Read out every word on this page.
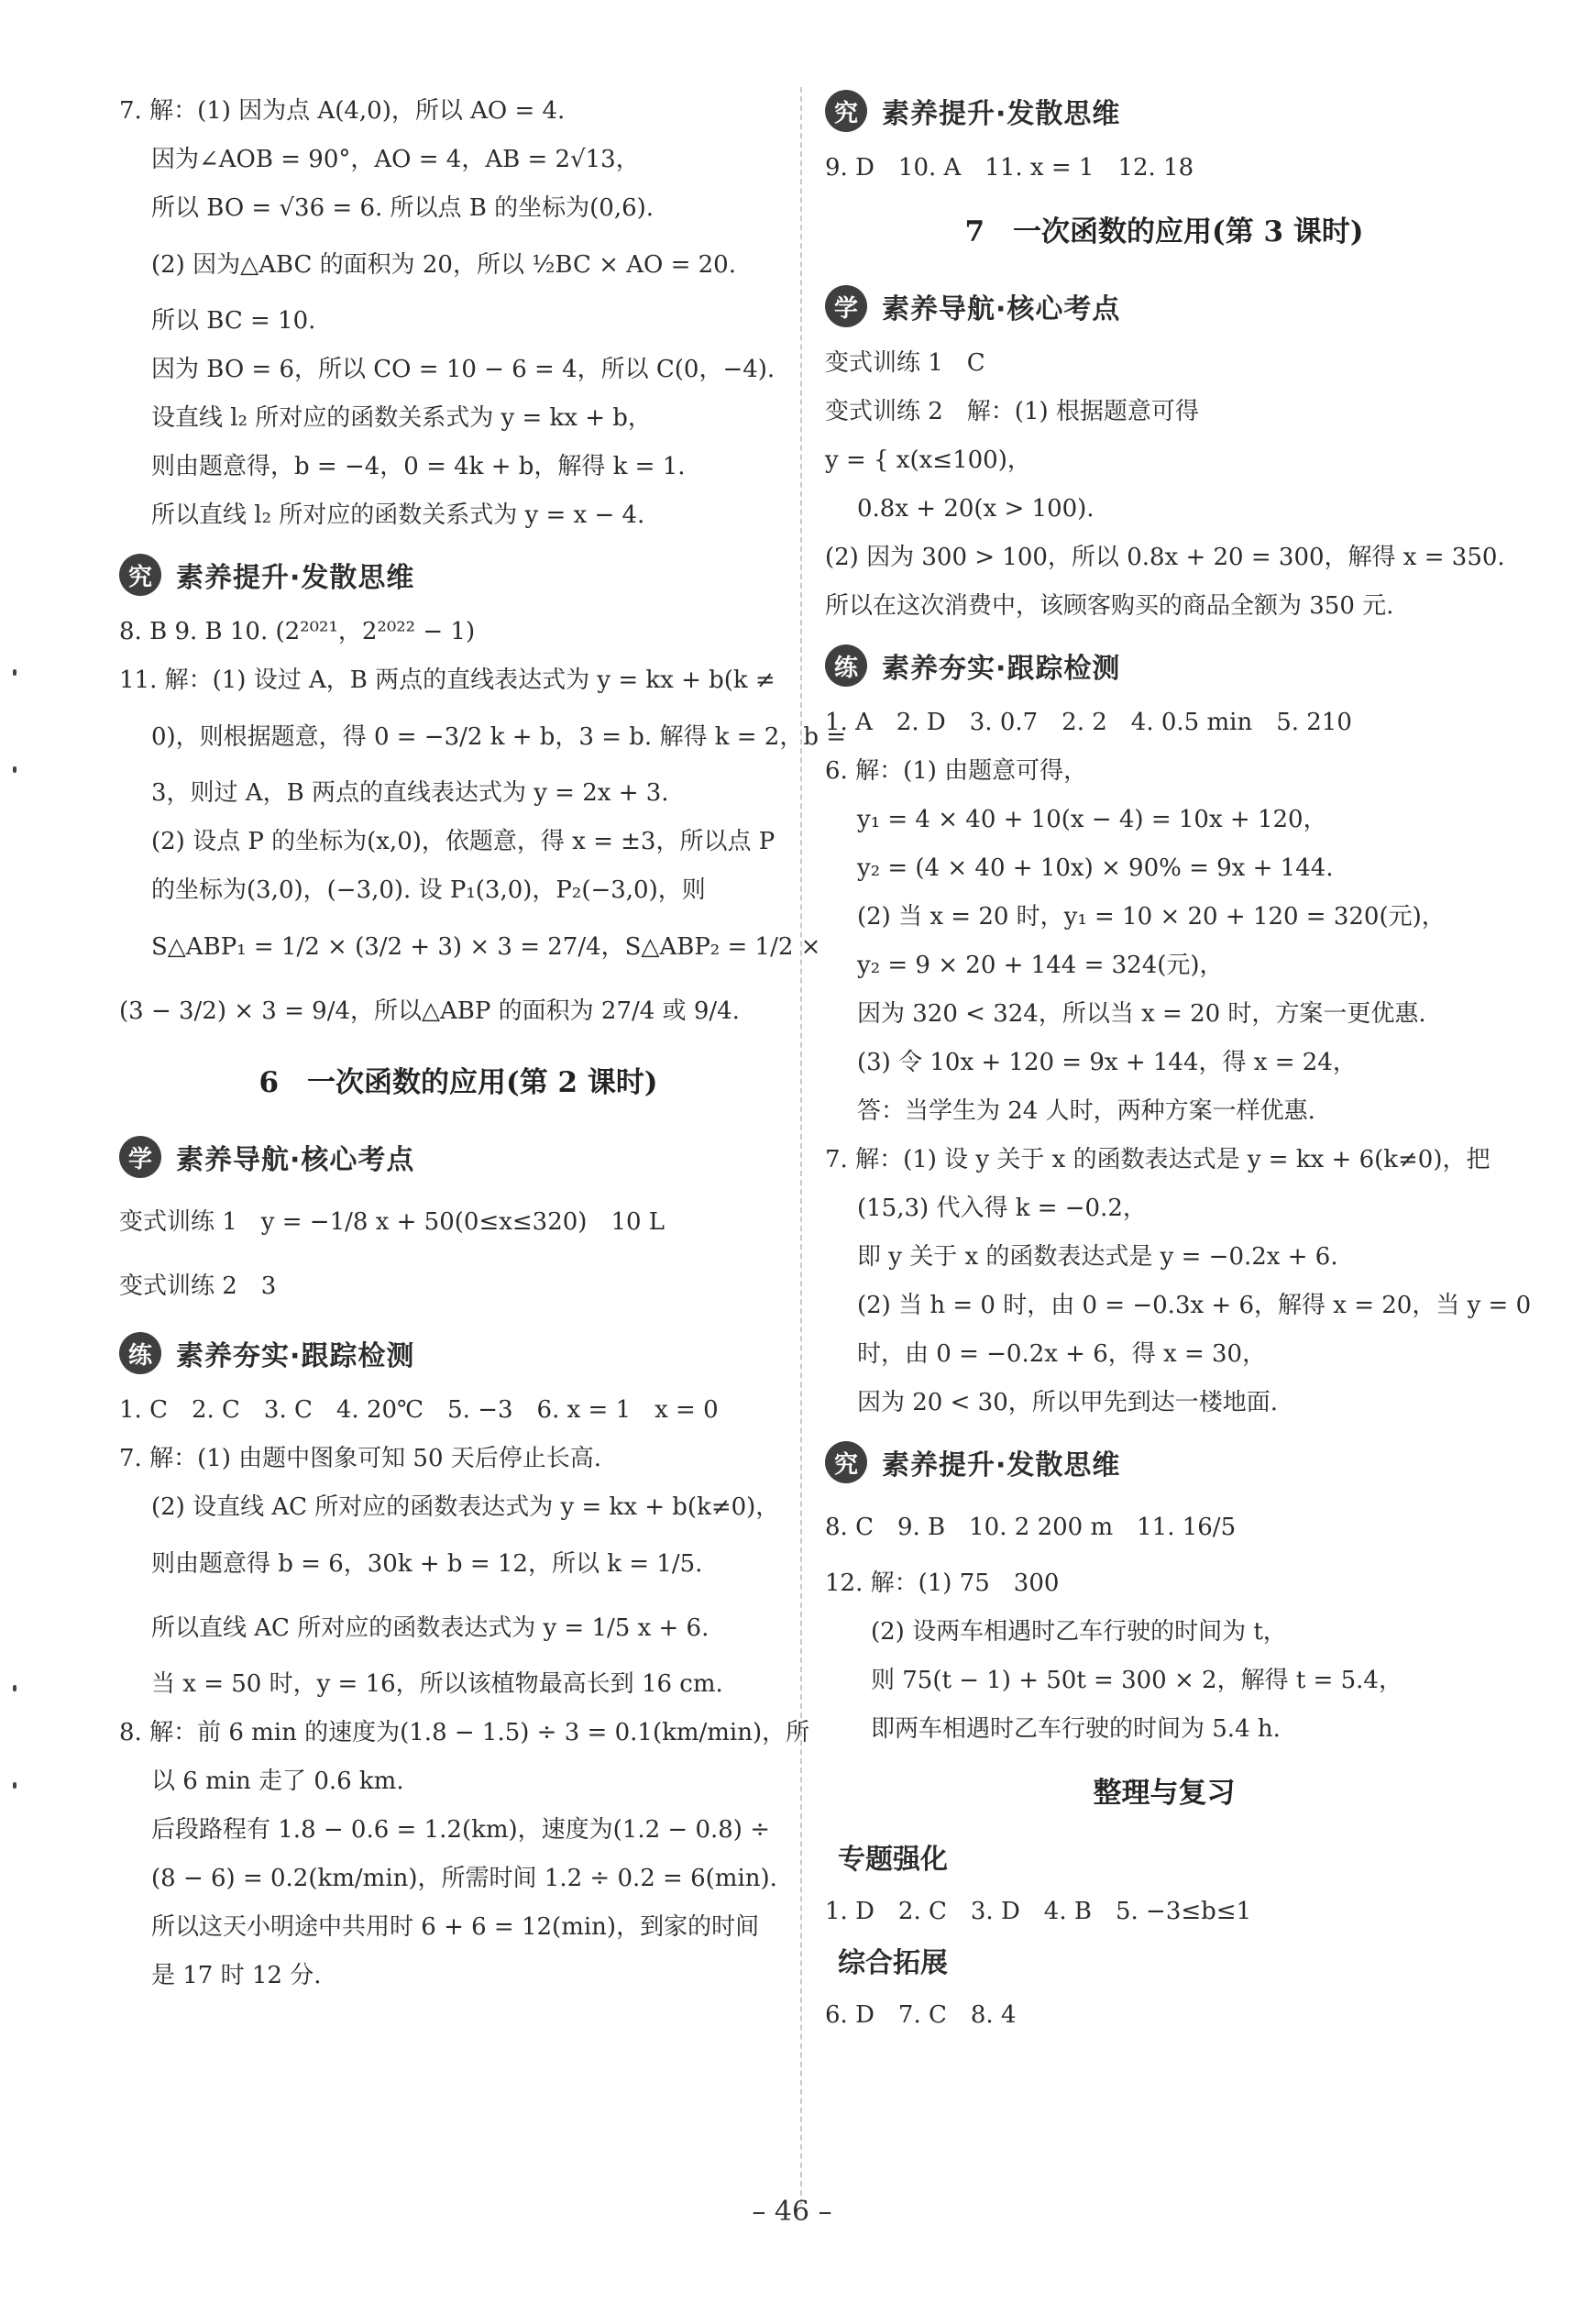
7. 解：(1) 因为点 A(4,0)，所以 AO = 4.
因为∠AOB = 90°，AO = 4，AB = 2√13，
所以 BO = √36 = 6. 所以点 B 的坐标为(0,6).
(2) 因为△ABC 的面积为 20，所以 ½BC × AO = 20.
所以 BC = 10.
因为 BO = 6，所以 CO = 10 − 6 = 4，所以 C(0，−4).
设直线 l₂ 所对应的函数关系式为 y = kx + b，
则由题意得，b = −4，0 = 4k + b，解得 k = 1.
所以直线 l₂ 所对应的函数关系式为 y = x − 4.
究 素养提升·发散思维
8. B 9. B 10. (2²⁰²¹，2²⁰²² − 1)
11. 解：(1) 设过 A，B 两点的直线表达式为 y = kx + b(k ≠
0)，则根据题意，得 0 = −3/2 k + b，3 = b. 解得 k = 2，b =
3，则过 A，B 两点的直线表达式为 y = 2x + 3.
(2) 设点 P 的坐标为(x,0)，依题意，得 x = ±3，所以点 P
的坐标为(3,0)，(−3,0). 设 P₁(3,0)，P₂(−3,0)，则
S△ABP₁ = 1/2 × (3/2 + 3) × 3 = 27/4，S△ABP₂ = 1/2 ×
(3 − 3/2) × 3 = 9/4，所以△ABP 的面积为 27/4 或 9/4.
6　一次函数的应用(第 2 课时)
学 素养导航·核心考点
变式训练 1　y = −1/8 x + 50(0≤x≤320)　10 L
变式训练 2　3
练 素养夯实·跟踪检测
1. C　2. C　3. C　4. 20℃　5. −3　6. x = 1　x = 0
7. 解：(1) 由题中图象可知 50 天后停止长高.
(2) 设直线 AC 所对应的函数表达式为 y = kx + b(k≠0)，
则由题意得 b = 6，30k + b = 12，所以 k = 1/5.
所以直线 AC 所对应的函数表达式为 y = 1/5 x + 6.
当 x = 50 时，y = 16，所以该植物最高长到 16 cm.
8. 解：前 6 min 的速度为(1.8 − 1.5) ÷ 3 = 0.1(km/min)，所
以 6 min 走了 0.6 km.
后段路程有 1.8 − 0.6 = 1.2(km)，速度为(1.2 − 0.8) ÷
(8 − 6) = 0.2(km/min)，所需时间 1.2 ÷ 0.2 = 6(min).
所以这天小明途中共用时 6 + 6 = 12(min)，到家的时间
是 17 时 12 分.
究 素养提升·发散思维
9. D　10. A　11. x = 1　12. 18
7　一次函数的应用(第 3 课时)
学 素养导航·核心考点
变式训练 1　C
变式训练 2　解：(1) 根据题意可得
y = { x(x≤100)，
0.8x + 20(x > 100).
(2) 因为 300 > 100，所以 0.8x + 20 = 300，解得 x = 350.
所以在这次消费中，该顾客购买的商品全额为 350 元.
练 素养夯实·跟踪检测
1. A　2. D　3. 0.7　2. 2　4. 0.5 min　5. 210
6. 解：(1) 由题意可得，
y₁ = 4 × 40 + 10(x − 4) = 10x + 120，
y₂ = (4 × 40 + 10x) × 90% = 9x + 144.
(2) 当 x = 20 时，y₁ = 10 × 20 + 120 = 320(元)，
y₂ = 9 × 20 + 144 = 324(元)，
因为 320 < 324，所以当 x = 20 时，方案一更优惠.
(3) 令 10x + 120 = 9x + 144，得 x = 24，
答：当学生为 24 人时，两种方案一样优惠.
7. 解：(1) 设 y 关于 x 的函数表达式是 y = kx + 6(k≠0)，把
(15,3) 代入得 k = −0.2，
即 y 关于 x 的函数表达式是 y = −0.2x + 6.
(2) 当 h = 0 时，由 0 = −0.3x + 6，解得 x = 20，当 y = 0
时，由 0 = −0.2x + 6，得 x = 30，
因为 20 < 30，所以甲先到达一楼地面.
究 素养提升·发散思维
8. C　9. B　10. 2 200 m　11. 16/5
12. 解：(1) 75　300
(2) 设两车相遇时乙车行驶的时间为 t，
则 75(t − 1) + 50t = 300 × 2，解得 t = 5.4，
即两车相遇时乙车行驶的时间为 5.4 h.
整理与复习
专题强化
1. D　2. C　3. D　4. B　5. −3≤b≤1
综合拓展
6. D　7. C　8. 4
– 46 –
